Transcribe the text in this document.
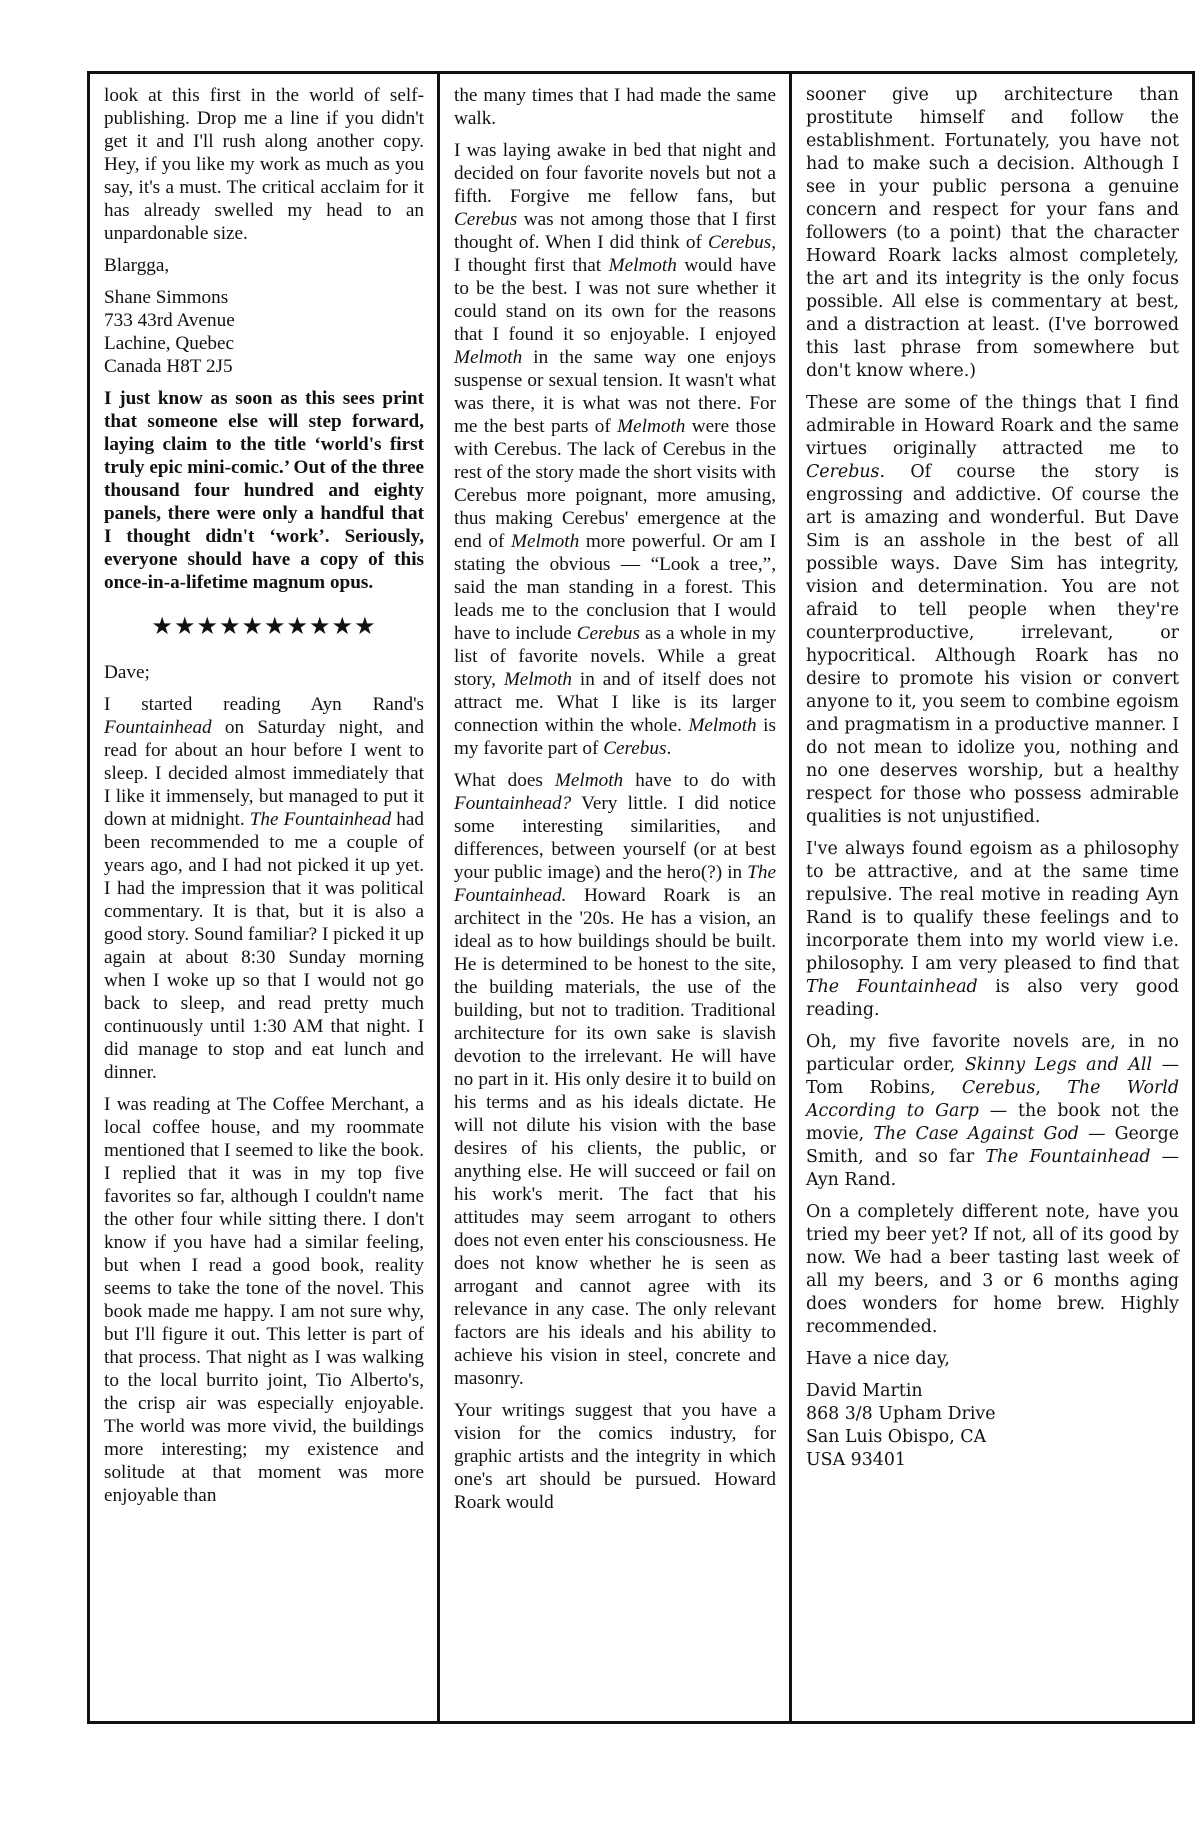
look at this first in the world of self-publishing. Drop me a line if you didn't get it and I'll rush along another copy. Hey, if you like my work as much as you say, it's a must. The critical acclaim for it has already swelled my head to an unpardonable size.

Blargga,

Shane Simmons
733 43rd Avenue
Lachine, Quebec
Canada H8T 2J5

I just know as soon as this sees print that someone else will step forward, laying claim to the title ‘world's first truly epic mini-comic.’ Out of the three thousand four hundred and eighty panels, there were only a handful that I thought didn't ‘work’. Seriously, everyone should have a copy of this once-in-a-lifetime magnum opus.

★★★★★★★★★★

Dave;

I started reading Ayn Rand's Fountainhead on Saturday night, and read for about an hour before I went to sleep. I decided almost immediately that I like it immensely, but managed to put it down at midnight. The Fountainhead had been recommended to me a couple of years ago, and I had not picked it up yet. I had the impression that it was political commentary. It is that, but it is also a good story. Sound familiar? I picked it up again at about 8:30 Sunday morning when I woke up so that I would not go back to sleep, and read pretty much continuously until 1:30 AM that night. I did manage to stop and eat lunch and dinner.

I was reading at The Coffee Merchant, a local coffee house, and my roommate mentioned that I seemed to like the book. I replied that it was in my top five favorites so far, although I couldn't name the other four while sitting there. I don't know if you have had a similar feeling, but when I read a good book, reality seems to take the tone of the novel. This book made me happy. I am not sure why, but I'll figure it out. This letter is part of that process. That night as I was walking to the local burrito joint, Tio Alberto's, the crisp air was especially enjoyable. The world was more vivid, the buildings more interesting; my existence and solitude at that moment was more enjoyable than

the many times that I had made the same walk.

I was laying awake in bed that night and decided on four favorite novels but not a fifth. Forgive me fellow fans, but Cerebus was not among those that I first thought of. When I did think of Cerebus, I thought first that Melmoth would have to be the best. I was not sure whether it could stand on its own for the reasons that I found it so enjoyable. I enjoyed Melmoth in the same way one enjoys suspense or sexual tension. It wasn't what was there, it is what was not there. For me the best parts of Melmoth were those with Cerebus. The lack of Cerebus in the rest of the story made the short visits with Cerebus more poignant, more amusing, thus making Cerebus' emergence at the end of Melmoth more powerful. Or am I stating the obvious — “Look a tree,”, said the man standing in a forest. This leads me to the conclusion that I would have to include Cerebus as a whole in my list of favorite novels. While a great story, Melmoth in and of itself does not attract me. What I like is its larger connection within the whole. Melmoth is my favorite part of Cerebus.

What does Melmoth have to do with Fountainhead? Very little. I did notice some interesting similarities, and differences, between yourself (or at best your public image) and the hero(?) in The Fountainhead. Howard Roark is an architect in the '20s. He has a vision, an ideal as to how buildings should be built. He is determined to be honest to the site, the building materials, the use of the building, but not to tradition. Traditional architecture for its own sake is slavish devotion to the irrelevant. He will have no part in it. His only desire it to build on his terms and as his ideals dictate. He will not dilute his vision with the base desires of his clients, the public, or anything else. He will succeed or fail on his work's merit. The fact that his attitudes may seem arrogant to others does not even enter his consciousness. He does not know whether he is seen as arrogant and cannot agree with its relevance in any case. The only relevant factors are his ideals and his ability to achieve his vision in steel, concrete and masonry.

Your writings suggest that you have a vision for the comics industry, for graphic artists and the integrity in which one's art should be pursued. Howard Roark would

sooner give up architecture than prostitute himself and follow the establishment. Fortunately, you have not had to make such a decision. Although I see in your public persona a genuine concern and respect for your fans and followers (to a point) that the character Howard Roark lacks almost completely, the art and its integrity is the only focus possible. All else is commentary at best, and a distraction at least. (I've borrowed this last phrase from somewhere but don't know where.)

These are some of the things that I find admirable in Howard Roark and the same virtues originally attracted me to Cerebus. Of course the story is engrossing and addictive. Of course the art is amazing and wonderful. But Dave Sim is an asshole in the best of all possible ways. Dave Sim has integrity, vision and determination. You are not afraid to tell people when they're counterproductive, irrelevant, or hypocritical. Although Roark has no desire to promote his vision or convert anyone to it, you seem to combine egoism and pragmatism in a productive manner. I do not mean to idolize you, nothing and no one deserves worship, but a healthy respect for those who possess admirable qualities is not unjustified.

I've always found egoism as a philosophy to be attractive, and at the same time repulsive. The real motive in reading Ayn Rand is to qualify these feelings and to incorporate them into my world view i.e. philosophy. I am very pleased to find that The Fountainhead is also very good reading.

Oh, my five favorite novels are, in no particular order, Skinny Legs and All — Tom Robins, Cerebus, The World According to Garp — the book not the movie, The Case Against God — George Smith, and so far The Fountainhead — Ayn Rand.

On a completely different note, have you tried my beer yet? If not, all of its good by now. We had a beer tasting last week of all my beers, and 3 or 6 months aging does wonders for home brew. Highly recommended.

Have a nice day,

David Martin
868 3/8 Upham Drive
San Luis Obispo, CA
USA 93401
